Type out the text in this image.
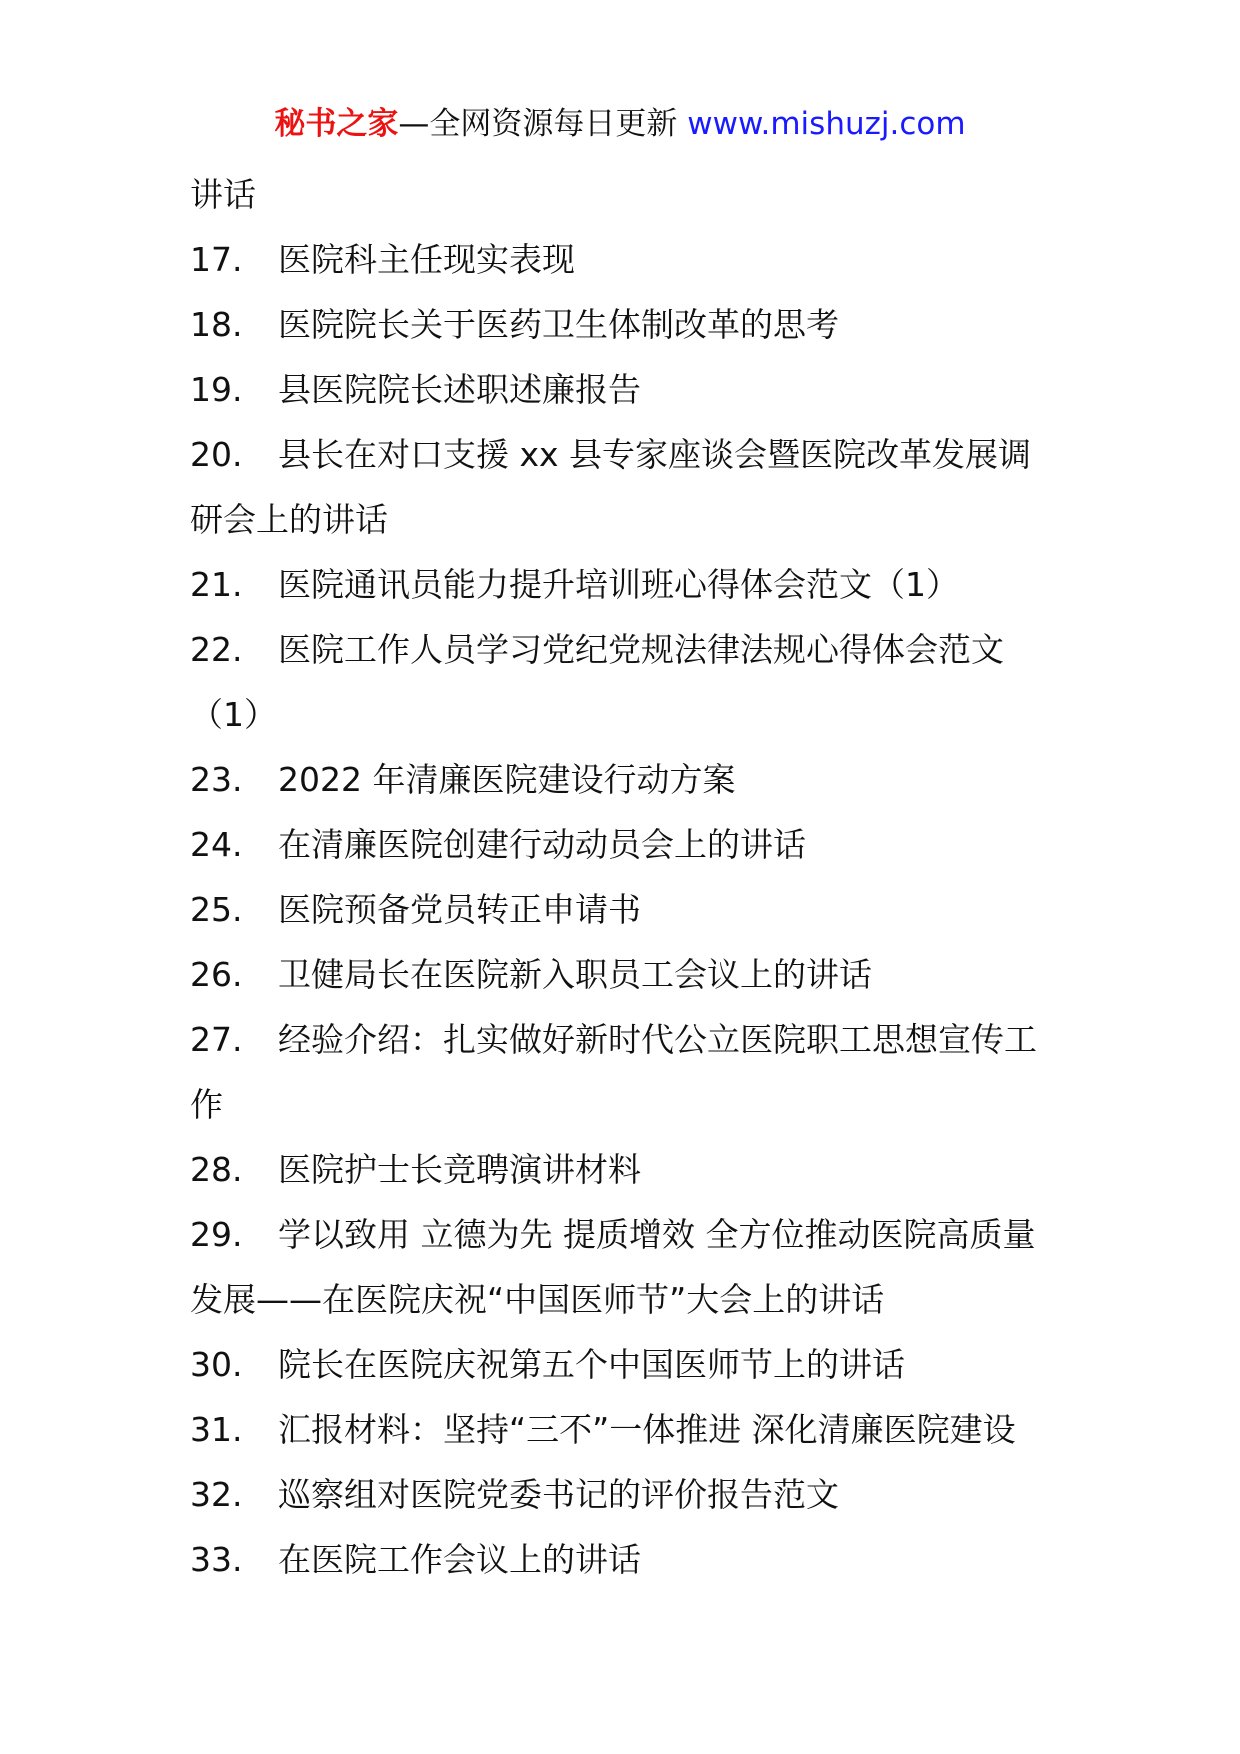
秘书之家—全网资源每日更新 www.mishuzj.com
讲话
17. 医院科主任现实表现
18. 医院院长关于医药卫生体制改革的思考
19. 县医院院长述职述廉报告
20. 县长在对口支援 xx 县专家座谈会暨医院改革发展调
研会上的讲话
21. 医院通讯员能力提升培训班心得体会范文（1）
22. 医院工作人员学习党纪党规法律法规心得体会范文
（1）
23. 2022 年清廉医院建设行动方案
24. 在清廉医院创建行动动员会上的讲话
25. 医院预备党员转正申请书
26. 卫健局长在医院新入职员工会议上的讲话
27. 经验介绍：扎实做好新时代公立医院职工思想宣传工
作
28. 医院护士长竞聘演讲材料
29. 学以致用 立德为先 提质增效 全方位推动医院高质量
发展——在医院庆祝“中国医师节”大会上的讲话
30. 院长在医院庆祝第五个中国医师节上的讲话
31. 汇报材料：坚持“三不”一体推进 深化清廉医院建设
32. 巡察组对医院党委书记的评价报告范文
33. 在医院工作会议上的讲话
